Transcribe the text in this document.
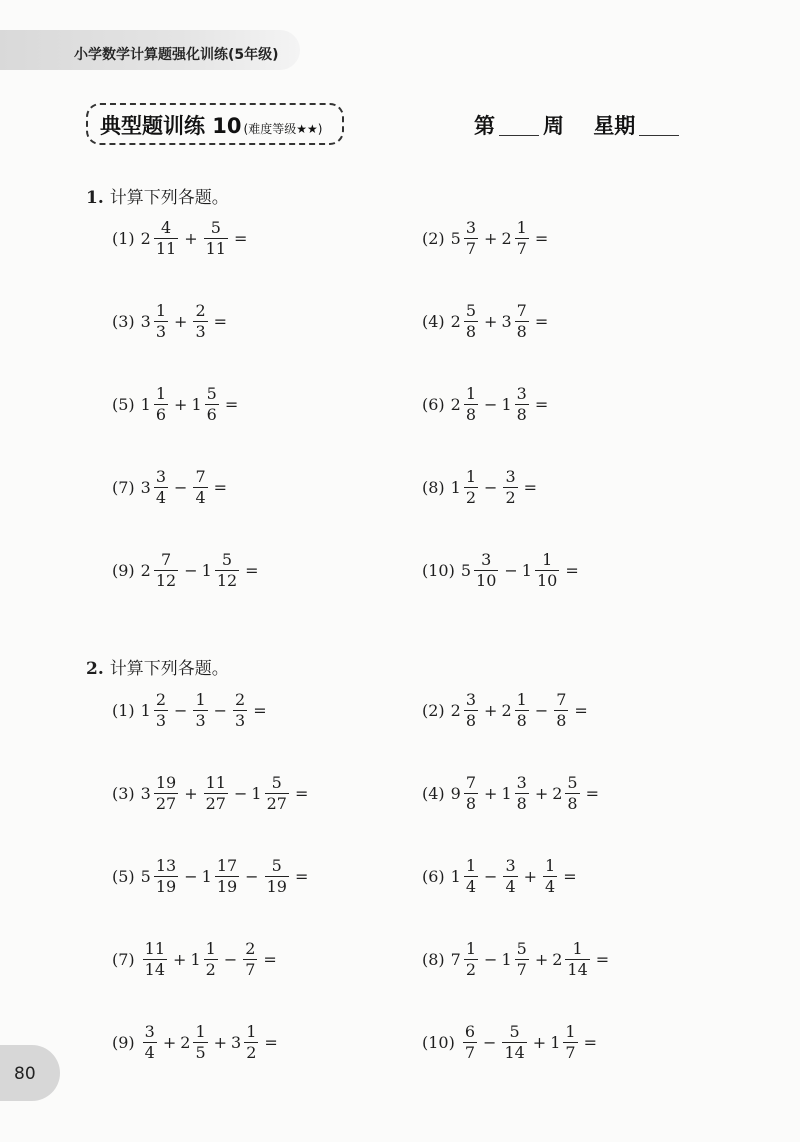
小学数学计算题强化训练(5年级)
典型题训练 10 (难度等级★★)	第 周 星期
1. 计算下列各题。
2. 计算下列各题。
(1) $2 \frac{4}{11} + \frac{5}{11}$ =	(2) $5 \frac{3}{7} + 2 \frac{1}{7}$ =
(3) $3 \frac{1}{3} + \frac{2}{3}$ =	(4) $2 \frac{5}{8} + 3 \frac{7}{8}$ =
(5) $1 \frac{1}{6} + 1 \frac{5}{6}$ =	(6) $2 \frac{1}{8} - 1 \frac{3}{8}$ =
(7) $3 \frac{3}{4} - \frac{7}{4}$ =	(8) $1 \frac{1}{2} - \frac{3}{2}$ =
(9) $2 \frac{7}{12} - 1 \frac{5}{12}$ =	(10) $5 \frac{3}{10} - 1 \frac{1}{10}$ =
(1) $1 \frac{2}{3} - \frac{1}{3} - \frac{2}{3}$ =	(2) $2 \frac{3}{8} + 2 \frac{1}{8} - \frac{7}{8}$ =
(3) $3 \frac{19}{27} + \frac{11}{27} - 1 \frac{5}{27}$ =	(4) $9 \frac{7}{8} + 1 \frac{3}{8} + 2 \frac{5}{8}$ =
(5) $5 \frac{13}{19} - 1 \frac{17}{19} - \frac{5}{19}$ =	(6) $1 \frac{1}{4} - \frac{3}{4} + \frac{1}{4}$ =
$(7) \frac{11}{14} + 1 \frac{1}{2} - \frac{2}{7}$ =	(8) $7 \frac{1}{2} - 1 \frac{5}{7} + 2 \frac{1}{14}$ =
$(9) \frac{3}{4} + 2 \frac{1}{5} + 3 \frac{1}{2}$ =	$(10) \frac{6}{7} - \frac{5}{14} + 1 \frac{1}{7}$ =
80
